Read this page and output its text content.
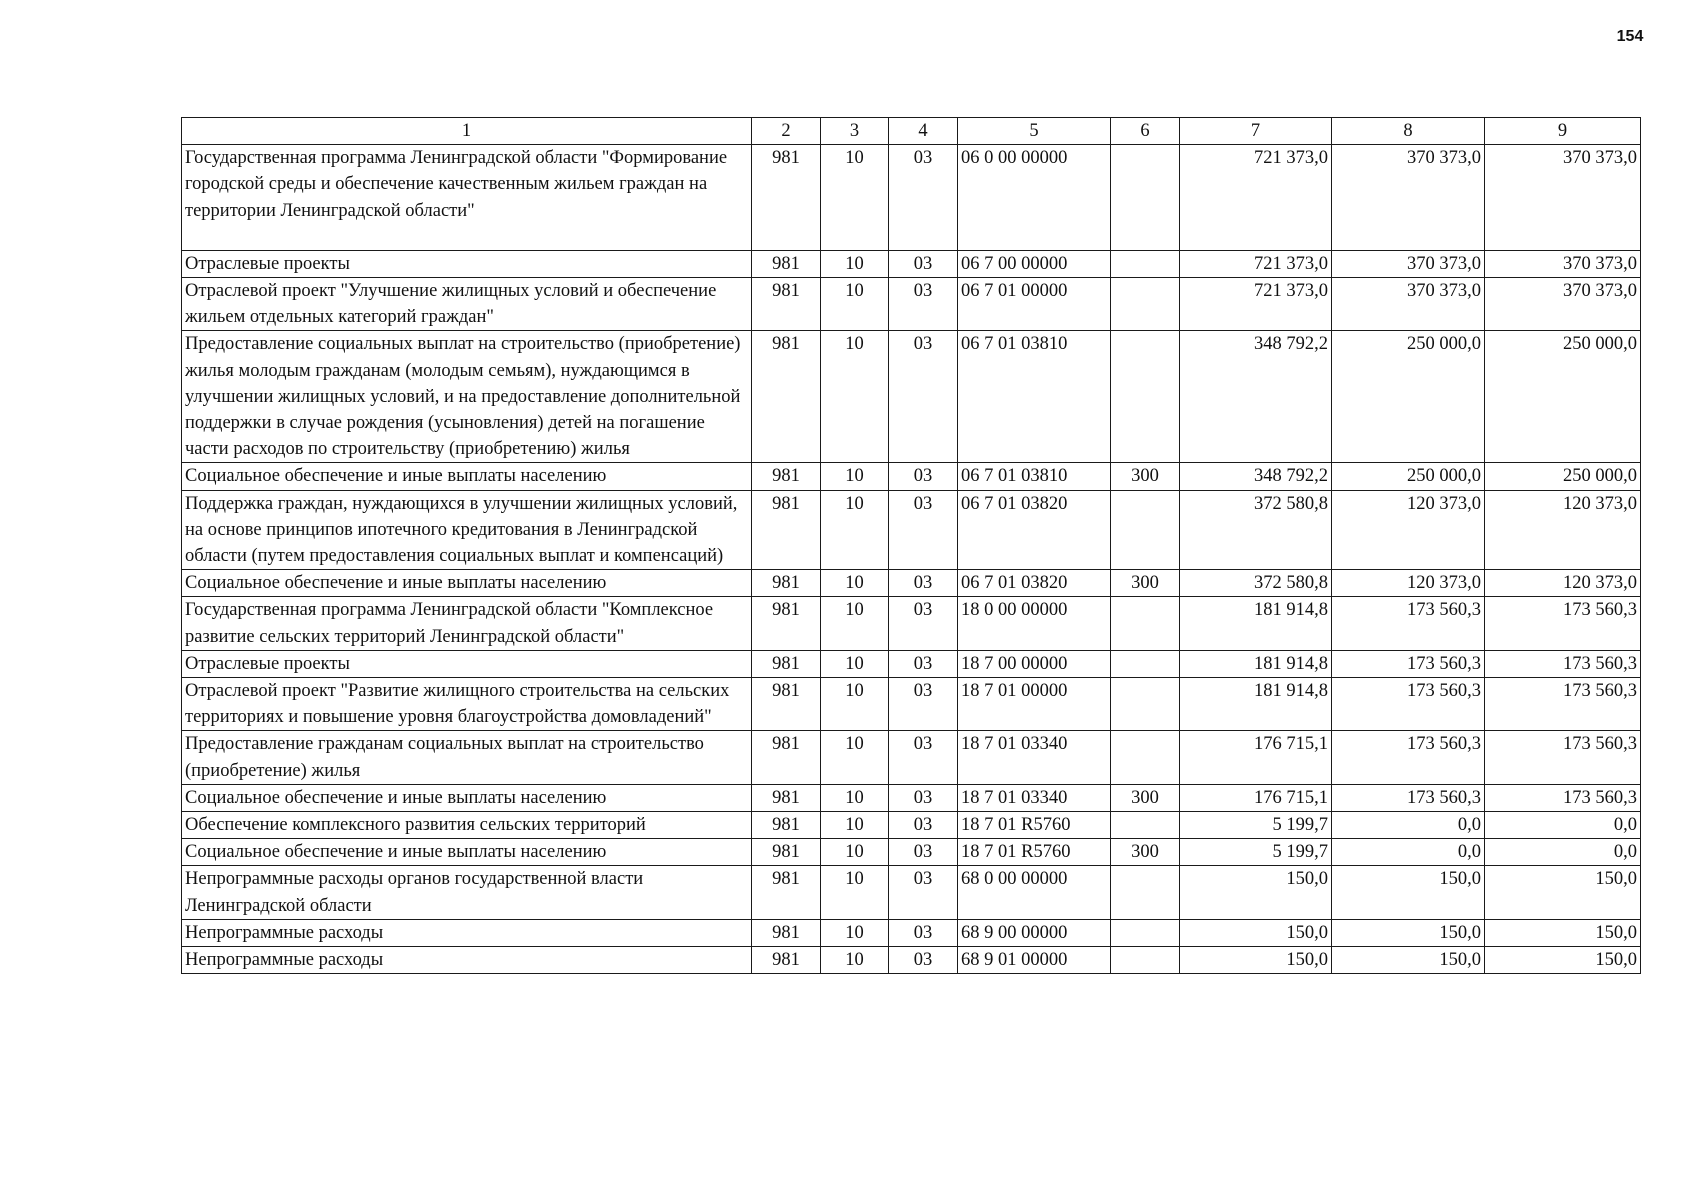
154
1	2	3	4	5	6	7	8	9
Государственная программа Ленинградской области "Формирование городской среды и обеспечение качественным жильем граждан на территории Ленинградской области"	981	10	03	06 0 00 00000		721 373,0	370 373,0	370 373,0
Отраслевые проекты	981	10	03	06 7 00 00000		721 373,0	370 373,0	370 373,0
Отраслевой проект "Улучшение жилищных условий и обеспечение жильем отдельных категорий граждан"	981	10	03	06 7 01 00000		721 373,0	370 373,0	370 373,0
Предоставление социальных выплат на строительство (приобретение) жилья молодым гражданам (молодым семьям), нуждающимся в улучшении жилищных условий, и на предоставление дополнительной поддержки в случае рождения (усыновления) детей на погашение части расходов по строительству (приобретению) жилья	981	10	03	06 7 01 03810		348 792,2	250 000,0	250 000,0
Социальное обеспечение и иные выплаты населению	981	10	03	06 7 01 03810	300	348 792,2	250 000,0	250 000,0
Поддержка граждан, нуждающихся в улучшении жилищных условий, на основе принципов ипотечного кредитования в Ленинградской области (путем предоставления социальных выплат и компенсаций)	981	10	03	06 7 01 03820		372 580,8	120 373,0	120 373,0
Социальное обеспечение и иные выплаты населению	981	10	03	06 7 01 03820	300	372 580,8	120 373,0	120 373,0
Государственная программа Ленинградской области "Комплексное развитие сельских территорий Ленинградской области"	981	10	03	18 0 00 00000		181 914,8	173 560,3	173 560,3
Отраслевые проекты	981	10	03	18 7 00 00000		181 914,8	173 560,3	173 560,3
Отраслевой проект "Развитие жилищного строительства на сельских территориях и повышение уровня благоустройства домовладений"	981	10	03	18 7 01 00000		181 914,8	173 560,3	173 560,3
Предоставление гражданам социальных выплат на строительство (приобретение) жилья	981	10	03	18 7 01 03340		176 715,1	173 560,3	173 560,3
Социальное обеспечение и иные выплаты населению	981	10	03	18 7 01 03340	300	176 715,1	173 560,3	173 560,3
Обеспечение комплексного развития сельских территорий	981	10	03	18 7 01 R5760		5 199,7	0,0	0,0
Социальное обеспечение и иные выплаты населению	981	10	03	18 7 01 R5760	300	5 199,7	0,0	0,0
Непрограммные расходы органов государственной власти Ленинградской области	981	10	03	68 0 00 00000		150,0	150,0	150,0
Непрограммные расходы	981	10	03	68 9 00 00000		150,0	150,0	150,0
Непрограммные расходы	981	10	03	68 9 01 00000		150,0	150,0	150,0
